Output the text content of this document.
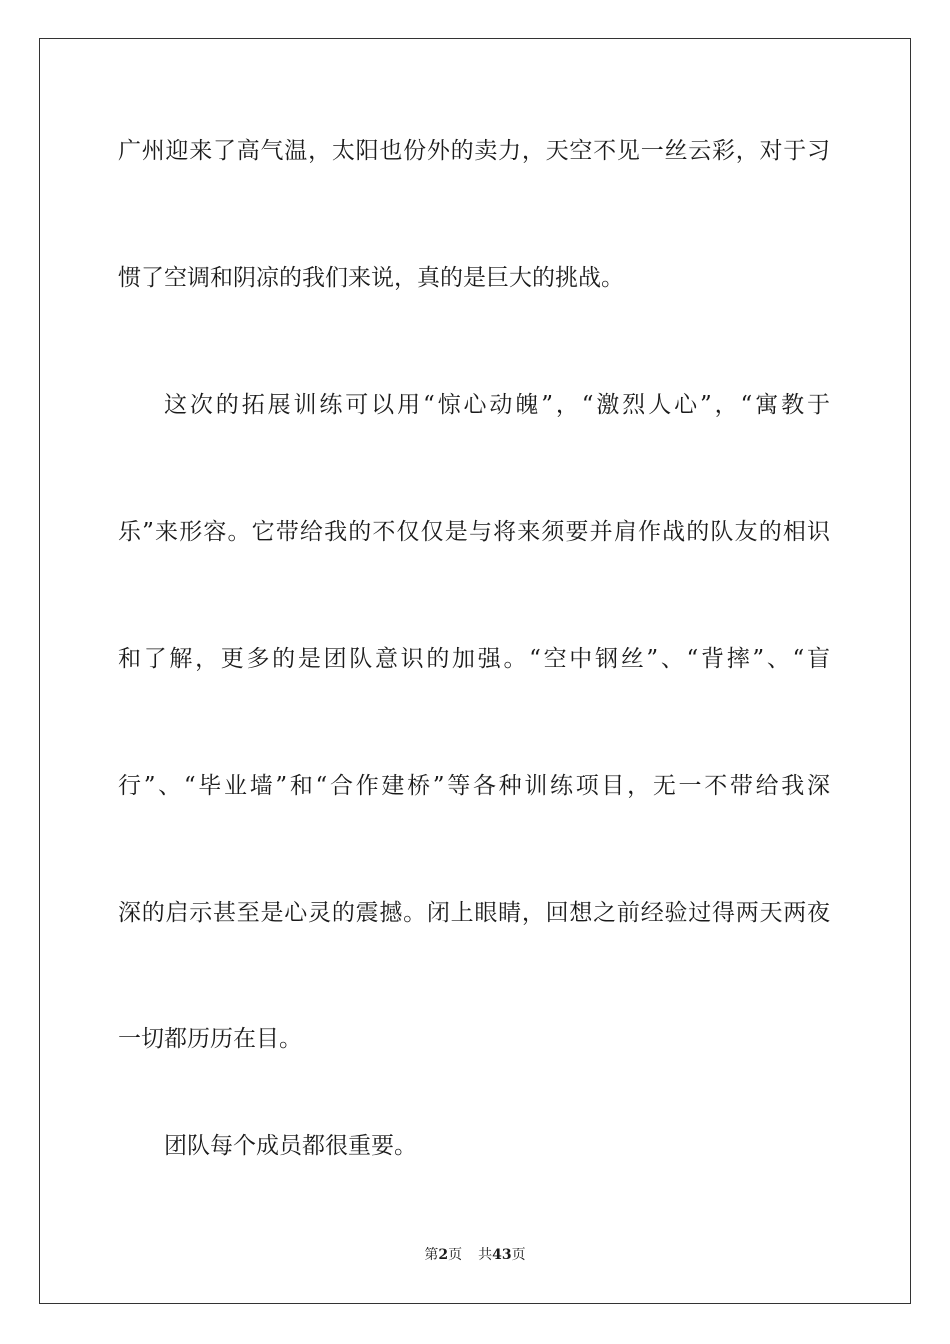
广州迎来了高气温，太阳也份外的卖力，天空不见一丝云彩，对于习
惯了空调和阴凉的我们来说，真的是巨大的挑战。
这次的拓展训练可以用“惊心动魄”，“激烈人心”，“寓教于
乐”来形容。它带给我的不仅仅是与将来须要并肩作战的队友的相识
和了解，更多的是团队意识的加强。“空中钢丝”、“背摔”、“盲
行”、“毕业墙”和“合作建桥”等各种训练项目，无一不带给我深
深的启示甚至是心灵的震撼。闭上眼睛，回想之前经验过得两天两夜
一切都历历在目。
团队每个成员都很重要。
第2页 共43页
